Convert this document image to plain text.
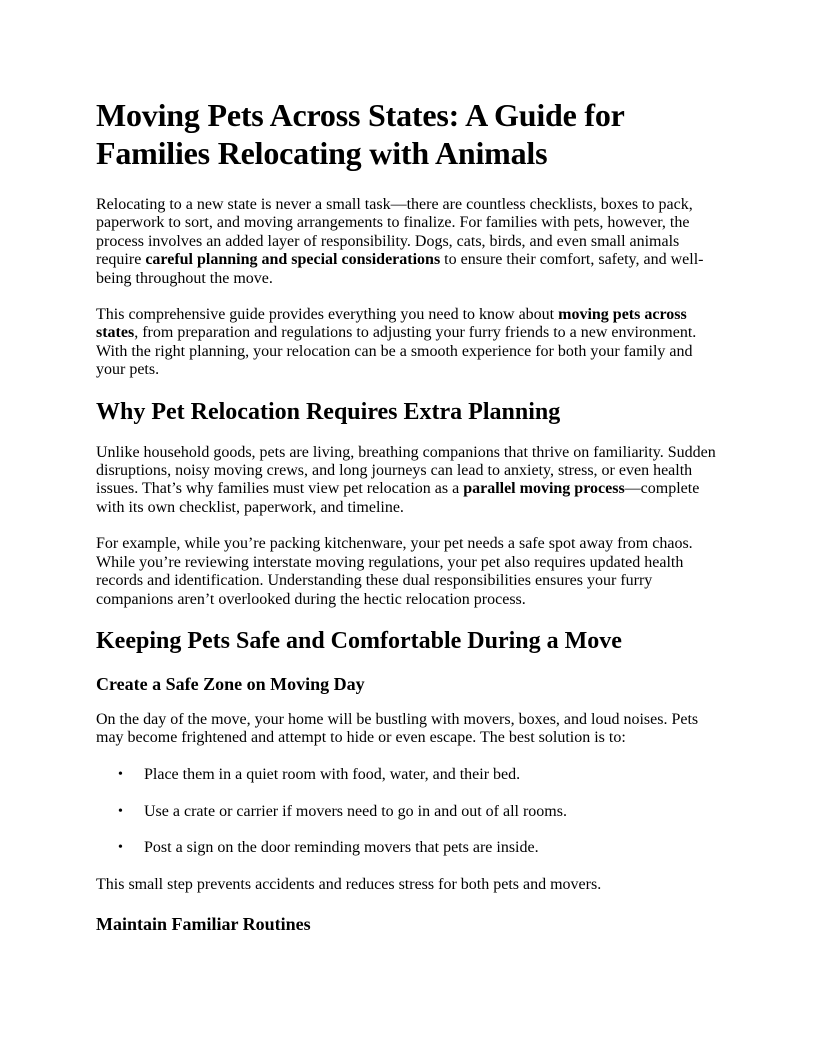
Moving Pets Across States: A Guide for Families Relocating with Animals

Relocating to a new state is never a small task—there are countless checklists, boxes to pack, paperwork to sort, and moving arrangements to finalize. For families with pets, however, the process involves an added layer of responsibility. Dogs, cats, birds, and even small animals require careful planning and special considerations to ensure their comfort, safety, and well-being throughout the move.

This comprehensive guide provides everything you need to know about moving pets across states, from preparation and regulations to adjusting your furry friends to a new environment. With the right planning, your relocation can be a smooth experience for both your family and your pets.

Why Pet Relocation Requires Extra Planning

Unlike household goods, pets are living, breathing companions that thrive on familiarity. Sudden disruptions, noisy moving crews, and long journeys can lead to anxiety, stress, or even health issues. That’s why families must view pet relocation as a parallel moving process—complete with its own checklist, paperwork, and timeline.

For example, while you’re packing kitchenware, your pet needs a safe spot away from chaos. While you’re reviewing interstate moving regulations, your pet also requires updated health records and identification. Understanding these dual responsibilities ensures your furry companions aren’t overlooked during the hectic relocation process.

Keeping Pets Safe and Comfortable During a Move
Create a Safe Zone on Moving Day

On the day of the move, your home will be bustling with movers, boxes, and loud noises. Pets may become frightened and attempt to hide or even escape. The best solution is to:

• Place them in a quiet room with food, water, and their bed.
• Use a crate or carrier if movers need to go in and out of all rooms.
• Post a sign on the door reminding movers that pets are inside.

This small step prevents accidents and reduces stress for both pets and movers.

Maintain Familiar Routines
